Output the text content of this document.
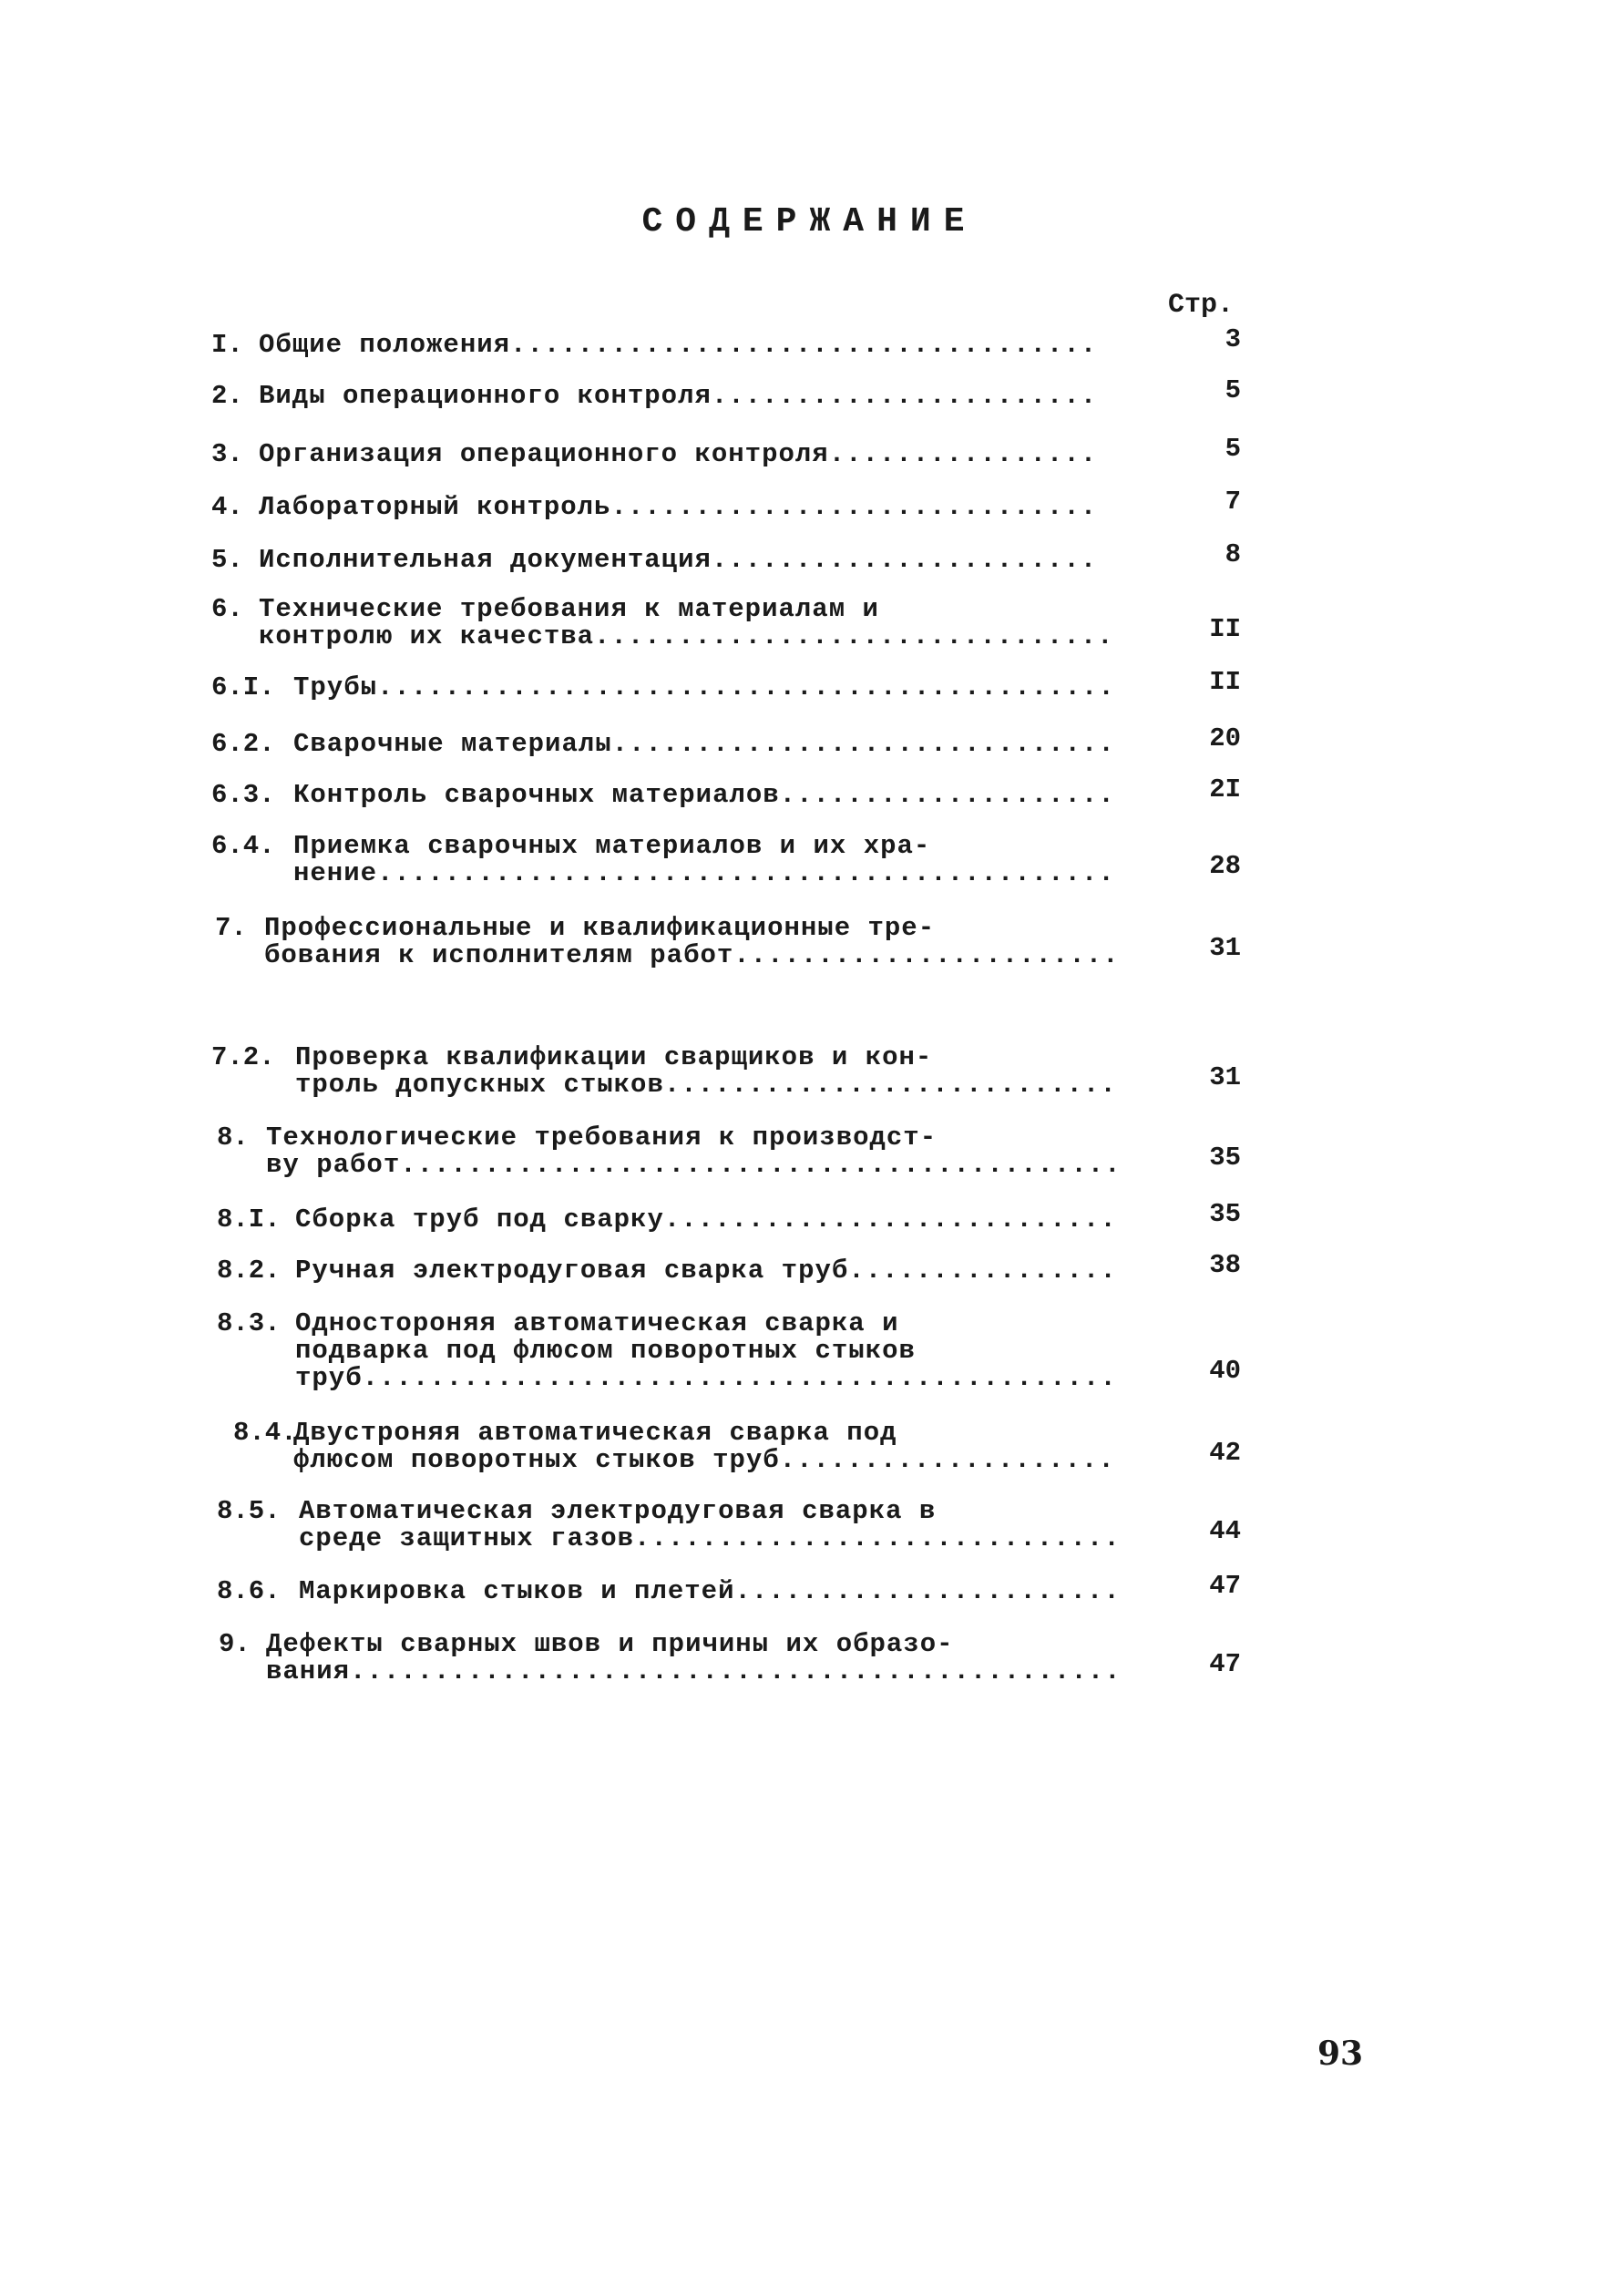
СОДЕРЖАНИЕ
Стр.
I. Общие положения...................................	3
2. Виды операционного контроля.......................	5
3. Организация операционного контроля................	5
4. Лабораторный контроль.............................	7
5. Исполнительная документация.......................	8
6. Технические требования к материалам и
контролю их качества...............................	II
6.I. Трубы............................................	II
6.2. Сварочные материалы..............................	20
6.3. Контроль сварочных материалов....................	2I
6.4. Приемка сварочных материалов и их хра-
нение............................................	28
7. Профессиональные и квалификационные тре-
бования к исполнителям работ.......................	31
7.2. Проверка квалификации сварщиков и кон-
троль допускных стыков...........................	31
8. Технологические требования к производст-
ву работ...........................................	35
8.I. Сборка труб под сварку...........................	35
8.2. Ручная электродуговая сварка труб................	38
8.3. Одностороняя автоматическая сварка и
подварка под флюсом поворотных стыков
труб.............................................	40
8.4.
Двустроняя автоматическая сварка под
флюсом поворотных стыков труб....................	42
8.5. Автоматическая электродуговая сварка в
среде защитных газов.............................	44
8.6. Маркировка стыков и плетей.......................	47
9. Дефекты сварных швов и причины их образо-
вания..............................................	47
93
